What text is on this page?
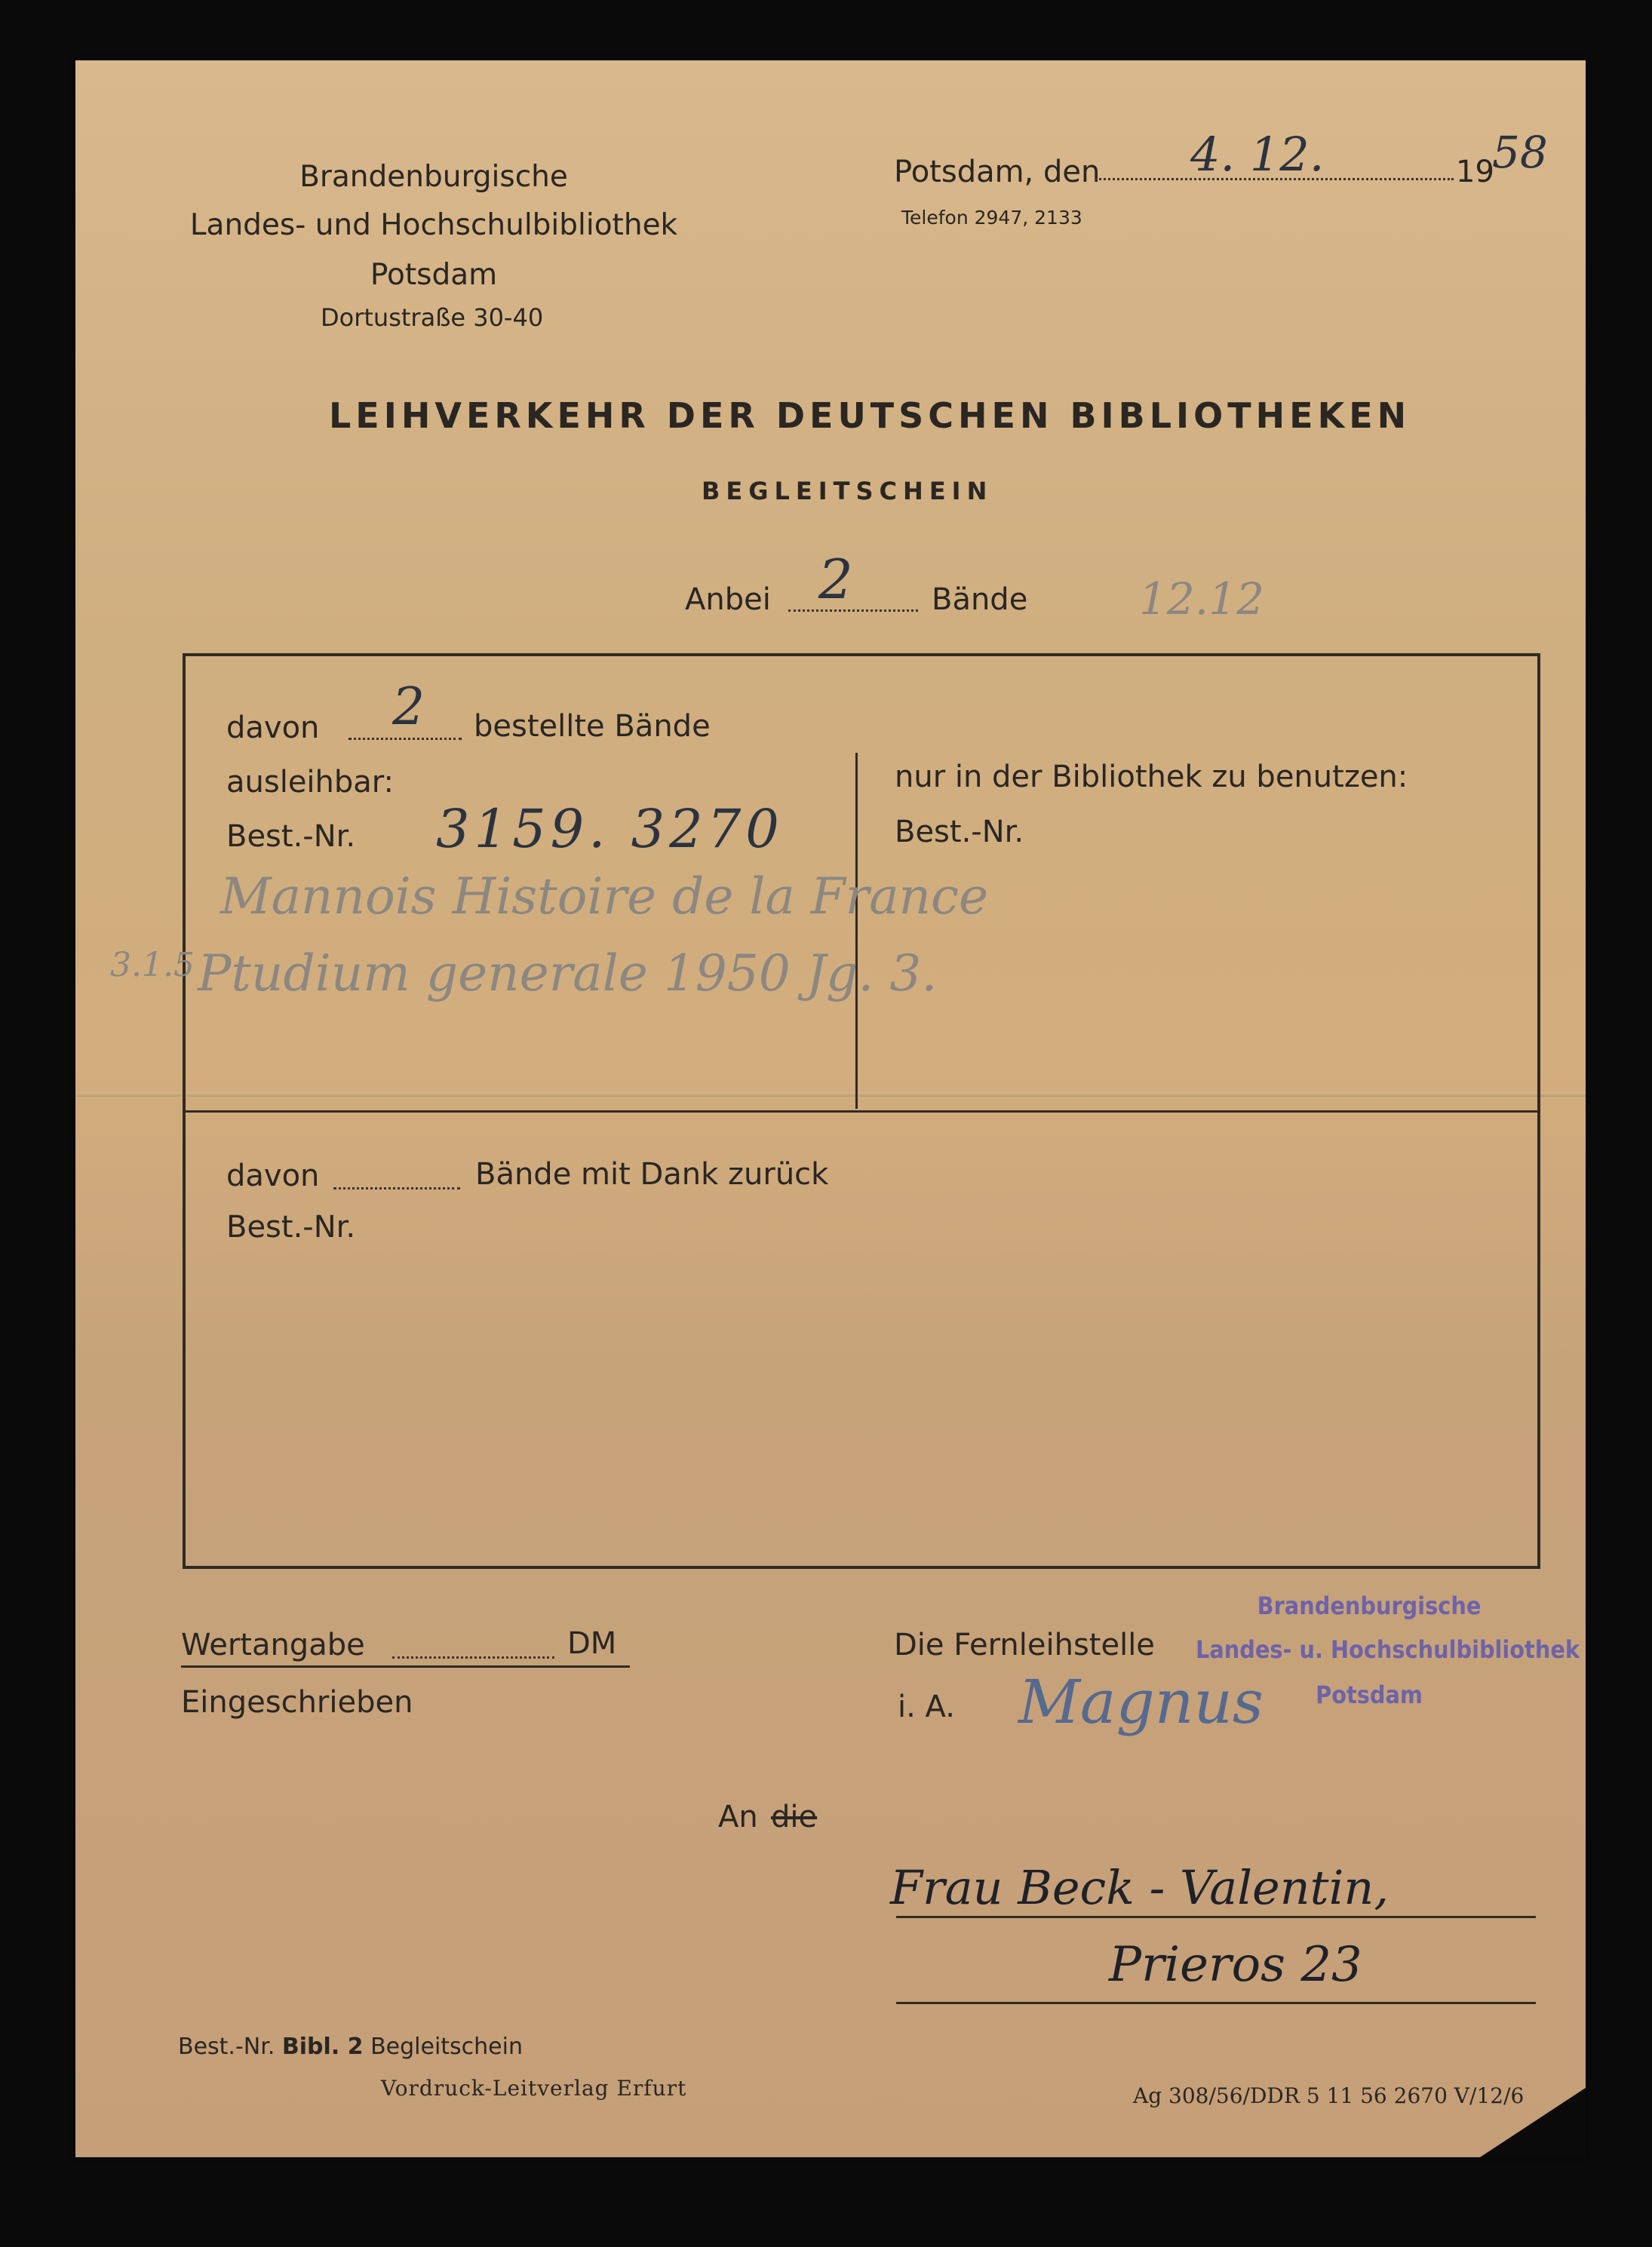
Brandenburgische
Landes- und Hochschulbibliothek
Potsdam
Dortustraße 30-40
Potsdam, den 4. 12.	19
58
Telefon 2947, 2133
LEIHVERKEHR DER DEUTSCHEN BIBLIOTHEKEN
BEGLEITSCHEIN
Anbei 2	Bände	12.12
davon 2 bestellte Bände
ausleihbar:
Best.-Nr. 3159. 3270
nur in der Bibliothek zu benutzen:
Best.-Nr.
Mannois Histoire de la France
3.1.5 Ptudium generale 1950 Jg. 3.
davon	Bände mit Dank zurück
Best.-Nr.
Wertangabe	DM
Eingeschrieben
Die Fernleihstelle
i. A. Magnus
Brandenburgische
Landes- u. Hochschulbibliothek
Potsdam
An die
Frau Beck - Valentin,
Prieros 23
Best.-Nr. Bibl. 2 Begleitschein
Vordruck-Leitverlag Erfurt	Ag 308/56/DDR 5 11 56 2670 V/12/6
